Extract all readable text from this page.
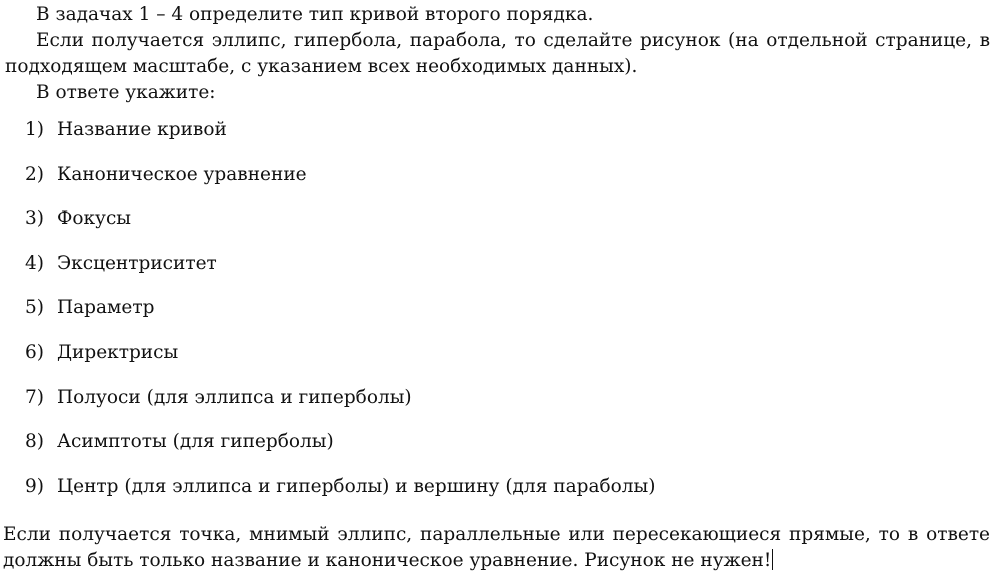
В задачах 1 – 4 определите тип кривой второго порядка.

Если получается эллипс, гипербола, парабола, то сделайте рисунок (на отдельной странице, в подходящем масштабе, с указанием всех необходимых данных).

В ответе укажите:

1) Название кривой
2) Каноническое уравнение
3) Фокусы
4) Эксцентриситет
5) Параметр
6) Директрисы
7) Полуоси (для эллипса и гиперболы)
8) Асимптоты (для гиперболы)
9) Центр (для эллипса и гиперболы) и вершину (для параболы)

Если получается точка, мнимый эллипс, параллельные или пересекающиеся прямые, то в ответе должны быть только название и каноническое уравнение. Рисунок не нужен!
